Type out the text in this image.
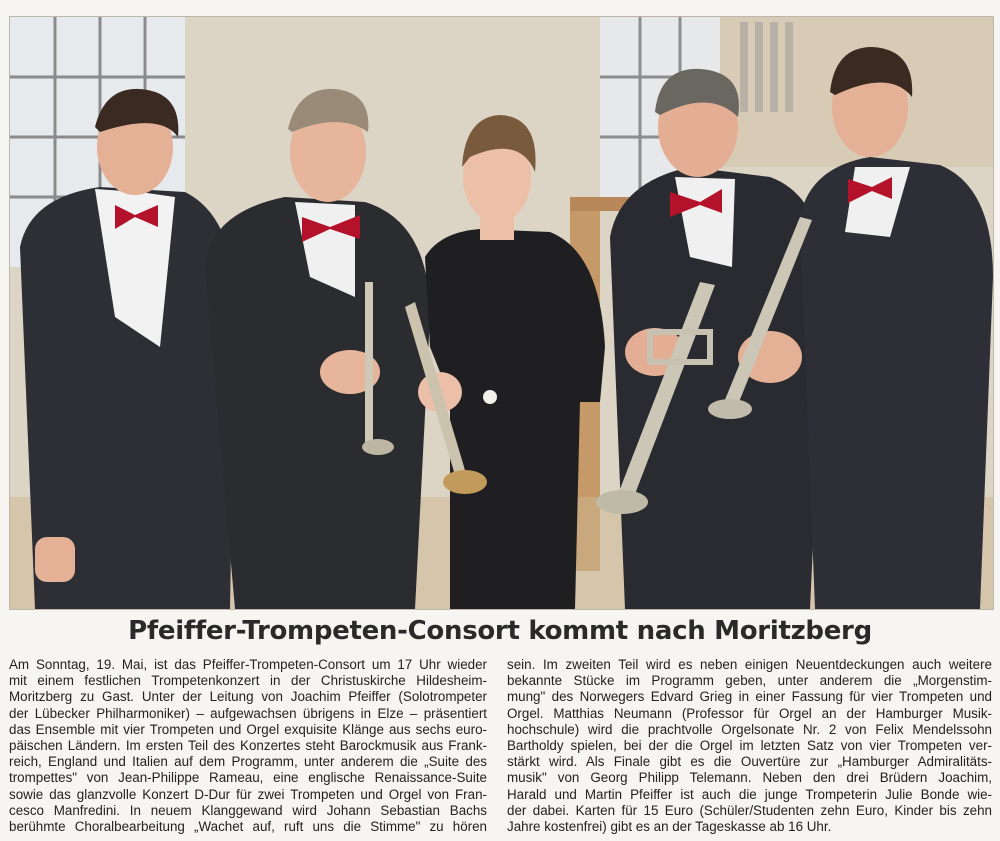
Pfeiffer-Trompeten-Consort kommt nach Moritzberg
Am Sonntag, 19. Mai, ist das Pfeiffer-Trompeten-Consort um 17 Uhr wieder
mit einem festlichen Trompetenkonzert in der Christuskirche Hildesheim-
Moritzberg zu Gast. Unter der Leitung von Joachim Pfeiffer (Solotrompeter
der Lübecker Philharmoniker) – aufgewachsen übrigens in Elze – präsentiert
das Ensemble mit vier Trompeten und Orgel exquisite Klänge aus sechs euro-
päischen Ländern. Im ersten Teil des Konzertes steht Barockmusik aus Frank-
reich, England und Italien auf dem Programm, unter anderem die „Suite des
trompettes" von Jean-Philippe Rameau, eine englische Renaissance-Suite
sowie das glanzvolle Konzert D-Dur für zwei Trompeten und Orgel von Fran-
cesco Manfredini. In neuem Klanggewand wird Johann Sebastian Bachs
berühmte Choralbearbeitung „Wachet auf, ruft uns die Stimme" zu hören
sein. Im zweiten Teil wird es neben einigen Neuentdeckungen auch weitere
bekannte Stücke im Programm geben, unter anderem die „Morgenstim-
mung" des Norwegers Edvard Grieg in einer Fassung für vier Trompeten und
Orgel. Matthias Neumann (Professor für Orgel an der Hamburger Musik-
hochschule) wird die prachtvolle Orgelsonate Nr. 2 von Felix Mendelssohn
Bartholdy spielen, bei der die Orgel im letzten Satz von vier Trompeten ver-
stärkt wird. Als Finale gibt es die Ouvertüre zur „Hamburger Admiralitäts-
musik" von Georg Philipp Telemann. Neben den drei Brüdern Joachim,
Harald und Martin Pfeiffer ist auch die junge Trompeterin Julie Bonde wie-
der dabei. Karten für 15 Euro (Schüler/Studenten zehn Euro, Kinder bis zehn
Jahre kostenfrei) gibt es an der Tageskasse ab 16 Uhr.
